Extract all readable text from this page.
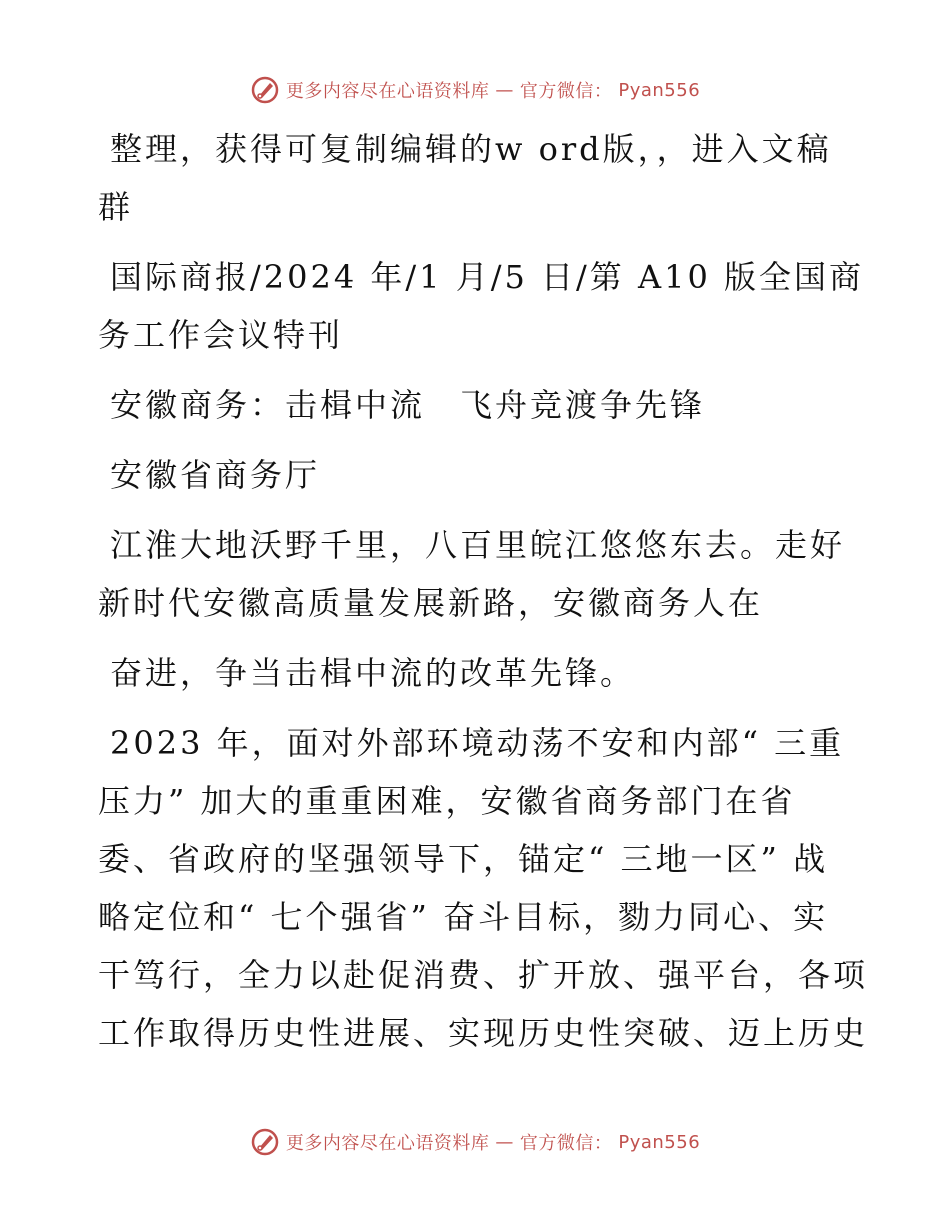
更多内容尽在心语资料库 — 官方微信： Pyan556

整理，获得可复制编辑的w ord版，，进入文稿
群

国际商报/2024 年/1 月/5 日/第 A10 版全国商
务工作会议特刊

安徽商务：击楫中流　飞舟竞渡争先锋

安徽省商务厅

江淮大地沃野千里，八百里皖江悠悠东去。走好
新时代安徽高质量发展新路，安徽商务人在

奋进，争当击楫中流的改革先锋。

2023 年，面对外部环境动荡不安和内部“ 三重
压力” 加大的重重困难，安徽省商务部门在省
委、省政府的坚强领导下，锚定“ 三地一区” 战
略定位和“ 七个强省” 奋斗目标，勠力同心、实
干笃行，全力以赴促消费、扩开放、强平台，各项
工作取得历史性进展、实现历史性突破、迈上历史

更多内容尽在心语资料库 — 官方微信： Pyan556
